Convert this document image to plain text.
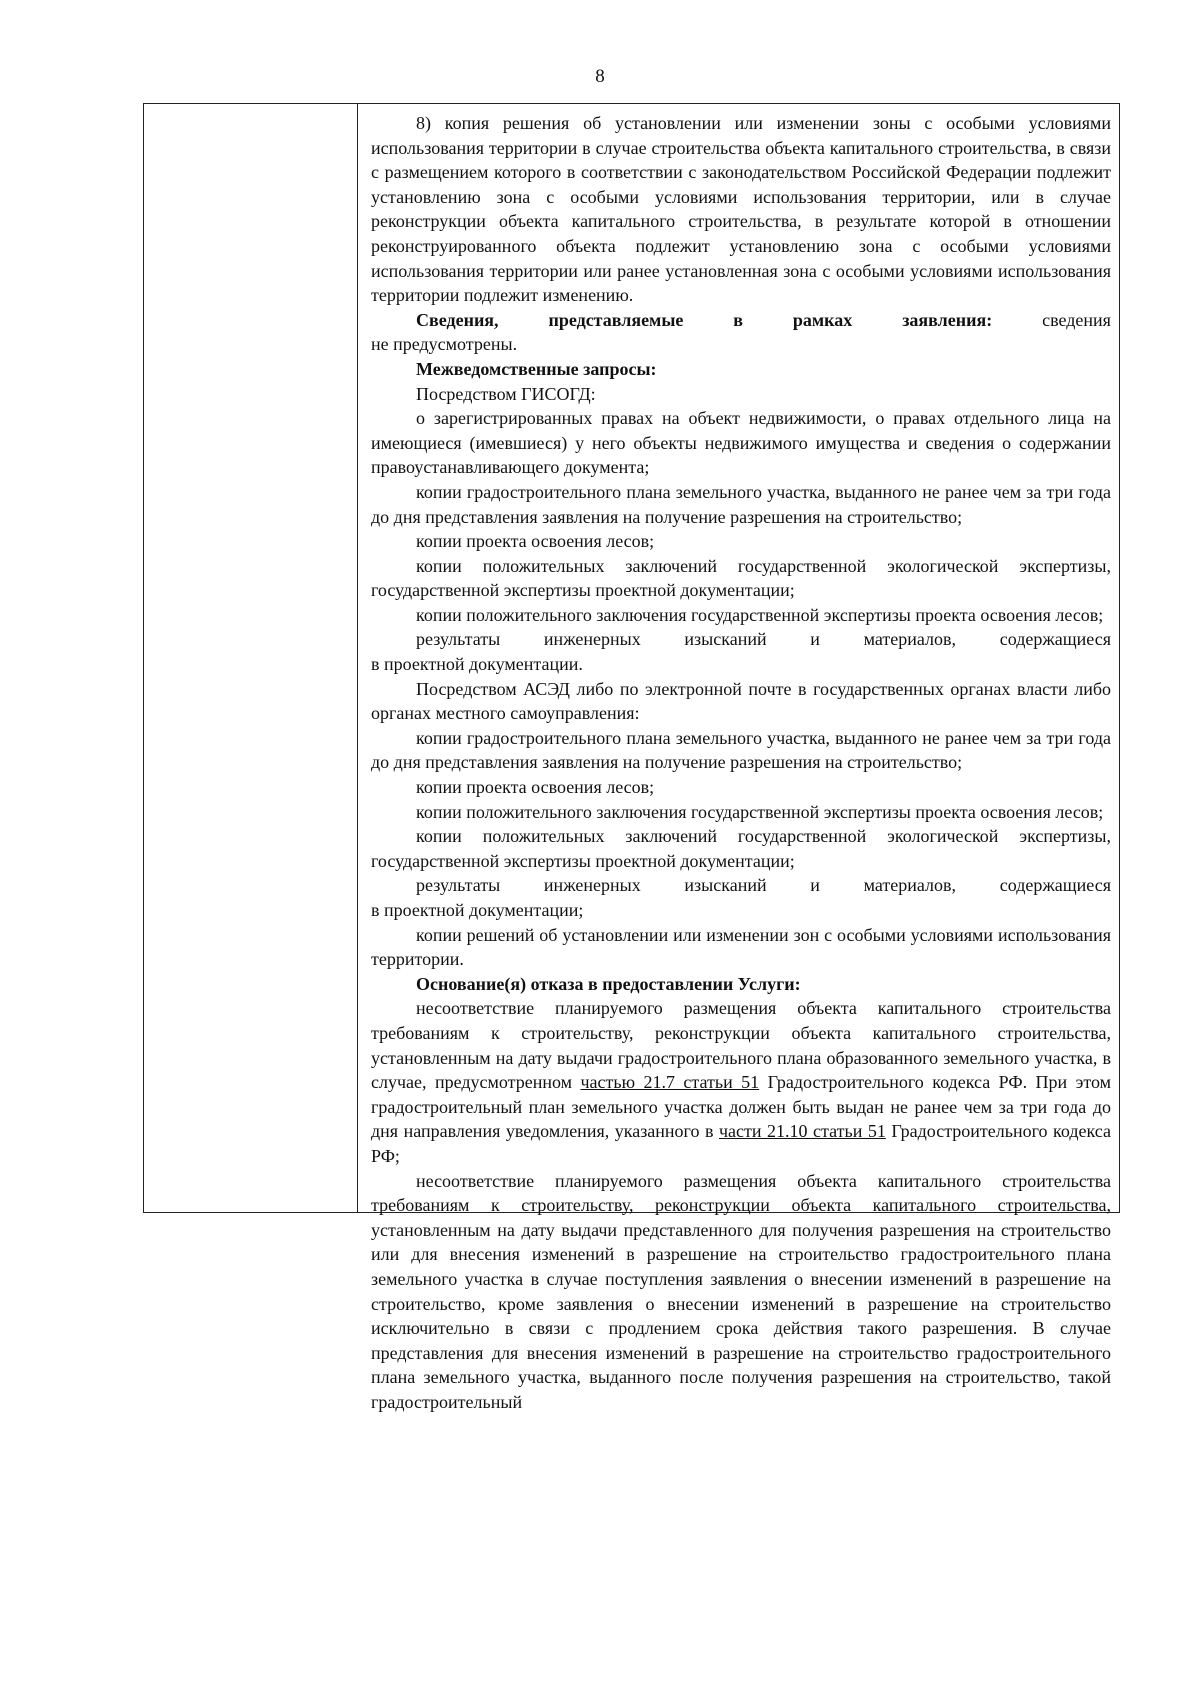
8

8) копия решения об установлении или изменении зоны с особыми условиями использования территории в случае строительства объекта капитального строительства, в связи с размещением которого в соответствии с законодательством Российской Федерации подлежит установлению зона с особыми условиями использования территории, или в случае реконструкции объекта капитального строительства, в результате которой в отношении реконструированного объекта подлежит установлению зона с особыми условиями использования территории или ранее установленная зона с особыми условиями использования территории подлежит изменению.

Сведения,	представляемые	в	рамках	заявления:	сведения

не предусмотрены.

Межведомственные запросы:

Посредством ГИСОГД:

о зарегистрированных правах на объект недвижимости, о правах отдельного лица на имеющиеся (имевшиеся) у него объекты недвижимого имущества и сведения о содержании правоустанавливающего документа;

копии градостроительного плана земельного участка, выданного не ранее чем за три года до дня представления заявления на получение разрешения на строительство;

копии проекта освоения лесов;

копии положительных заключений государственной экологической экспертизы, государственной экспертизы проектной документации;

копии положительного заключения государственной экспертизы проекта освоения лесов;

результаты инженерных изысканий и материалов, содержащиеся

в проектной документации.

Посредством АСЭД либо по электронной почте в государственных органах власти либо органах местного самоуправления:

копии градостроительного плана земельного участка, выданного не ранее чем за три года до дня представления заявления на получение разрешения на строительство;

копии проекта освоения лесов;

копии положительного заключения государственной экспертизы проекта освоения лесов;

копии положительных заключений государственной экологической экспертизы, государственной экспертизы проектной документации;

результаты инженерных изысканий и материалов, содержащиеся

в проектной документации;

копии решений об установлении или изменении зон с особыми условиями использования территории.

Основание(я) отказа в предоставлении Услуги:

несоответствие планируемого размещения объекта капитального строительства требованиям к строительству, реконструкции объекта капитального строительства, установленным на дату выдачи градостроительного плана образованного земельного участка, в случае, предусмотренном частью 21.7 статьи 51 Градостроительного кодекса РФ. При этом градостроительный план земельного участка должен быть выдан не ранее чем за три года до дня направления уведомления, указанного в части 21.10 статьи 51 Градостроительного кодекса РФ;

несоответствие планируемого размещения объекта капитального строительства требованиям к строительству, реконструкции объекта капитального строительства, установленным на дату выдачи представленного для получения разрешения на строительство или для внесения изменений в разрешение на строительство градостроительного плана земельного участка в случае поступления заявления о внесении изменений в разрешение на строительство, кроме заявления о внесении изменений в разрешение на строительство исключительно в связи с продлением срока действия такого разрешения. В случае представления для внесения изменений в разрешение на строительство градостроительного плана земельного участка, выданного после получения разрешения на строительство, такой градостроительный
